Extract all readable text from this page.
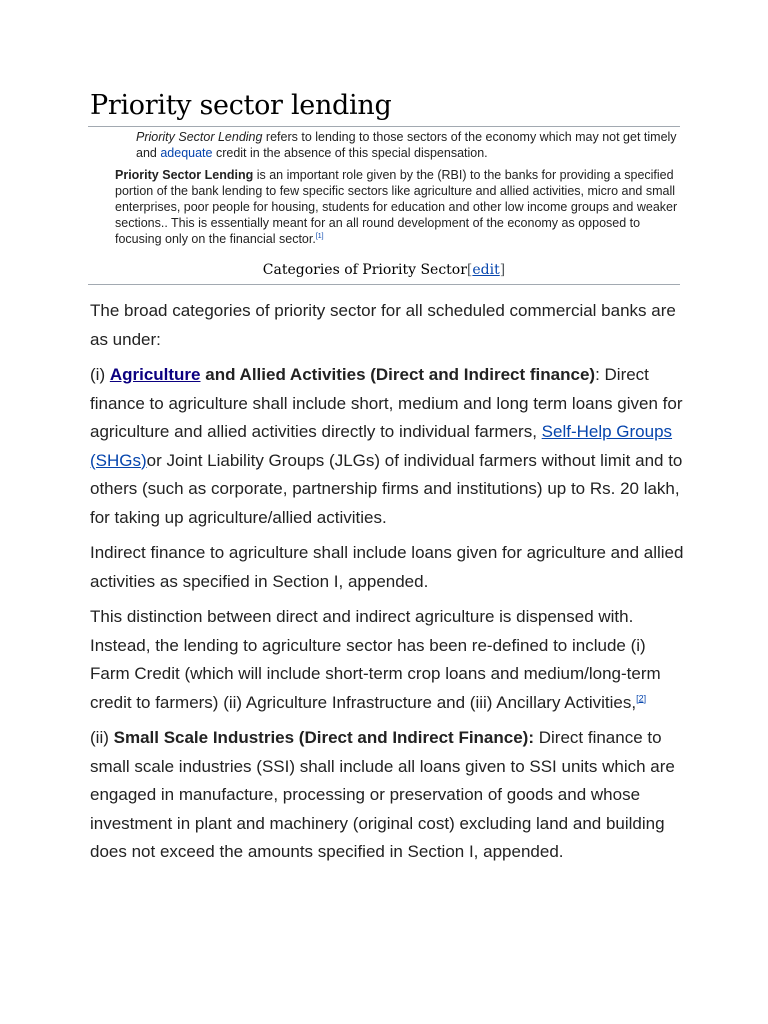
Priority sector lending
Priority Sector Lending refers to lending to those sectors of the economy which may not get timely and adequate credit in the absence of this special dispensation.
Priority Sector Lending is an important role given by the (RBI) to the banks for providing a specified portion of the bank lending to few specific sectors like agriculture and allied activities, micro and small enterprises, poor people for housing, students for education and other low income groups and weaker sections.. This is essentially meant for an all round development of the economy as opposed to focusing only on the financial sector.[1]
Categories of Priority Sector[edit]

The broad categories of priority sector for all scheduled commercial banks are as under:

(i) Agriculture and Allied Activities (Direct and Indirect finance): Direct finance to agriculture shall include short, medium and long term loans given for agriculture and allied activities directly to individual farmers, Self-Help Groups (SHGs)or Joint Liability Groups (JLGs) of individual farmers without limit and to others (such as corporate, partnership firms and institutions) up to Rs. 20 lakh, for taking up agriculture/allied activities.

Indirect finance to agriculture shall include loans given for agriculture and allied activities as specified in Section I, appended.

This distinction between direct and indirect agriculture is dispensed with. Instead, the lending to agriculture sector has been re-defined to include (i) Farm Credit (which will include short-term crop loans and medium/long-term credit to farmers) (ii) Agriculture Infrastructure and (iii) Ancillary Activities,[2]

(ii) Small Scale Industries (Direct and Indirect Finance): Direct finance to small scale industries (SSI) shall include all loans given to SSI units which are engaged in manufacture, processing or preservation of goods and whose investment in plant and machinery (original cost) excluding land and building does not exceed the amounts specified in Section I, appended.
